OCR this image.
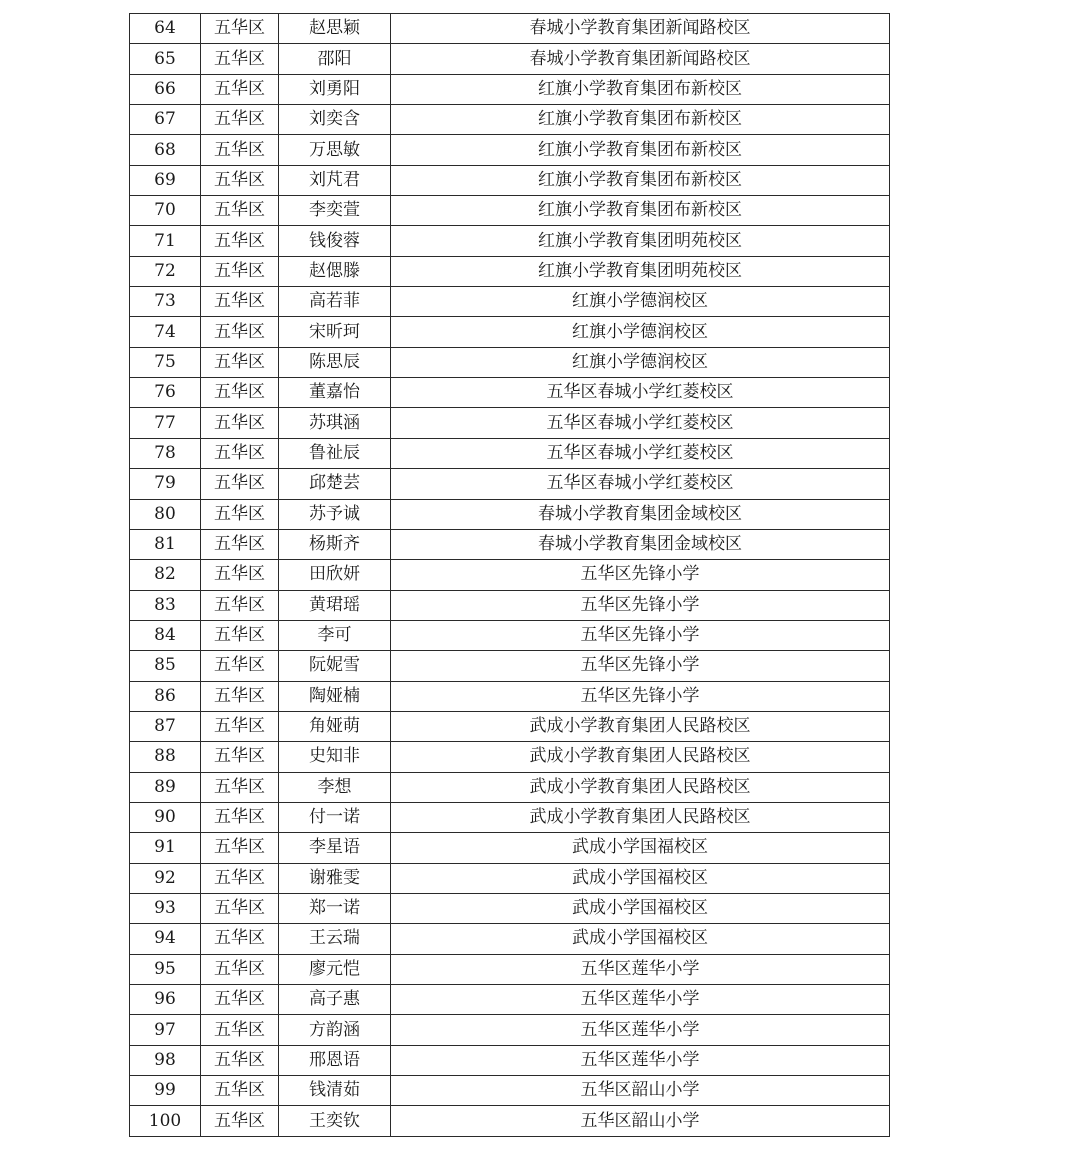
64	五华区	赵思颖	春城小学教育集团新闻路校区
65	五华区	邵阳	春城小学教育集团新闻路校区
66	五华区	刘勇阳	红旗小学教育集团布新校区
67	五华区	刘奕含	红旗小学教育集团布新校区
68	五华区	万思敏	红旗小学教育集团布新校区
69	五华区	刘芃君	红旗小学教育集团布新校区
70	五华区	李奕萱	红旗小学教育集团布新校区
71	五华区	钱俊蓉	红旗小学教育集团明苑校区
72	五华区	赵偲滕	红旗小学教育集团明苑校区
73	五华区	高若菲	红旗小学德润校区
74	五华区	宋昕珂	红旗小学德润校区
75	五华区	陈思辰	红旗小学德润校区
76	五华区	董嘉怡	五华区春城小学红菱校区
77	五华区	苏琪涵	五华区春城小学红菱校区
78	五华区	鲁祉辰	五华区春城小学红菱校区
79	五华区	邱楚芸	五华区春城小学红菱校区
80	五华区	苏予诚	春城小学教育集团金域校区
81	五华区	杨斯齐	春城小学教育集团金域校区
82	五华区	田欣妍	五华区先锋小学
83	五华区	黄珺瑶	五华区先锋小学
84	五华区	李可	五华区先锋小学
85	五华区	阮妮雪	五华区先锋小学
86	五华区	陶娅楠	五华区先锋小学
87	五华区	角娅萌	武成小学教育集团人民路校区
88	五华区	史知非	武成小学教育集团人民路校区
89	五华区	李想	武成小学教育集团人民路校区
90	五华区	付一诺	武成小学教育集团人民路校区
91	五华区	李星语	武成小学国福校区
92	五华区	谢雅雯	武成小学国福校区
93	五华区	郑一诺	武成小学国福校区
94	五华区	王云瑞	武成小学国福校区
95	五华区	廖元恺	五华区莲华小学
96	五华区	高子惠	五华区莲华小学
97	五华区	方韵涵	五华区莲华小学
98	五华区	邢恩语	五华区莲华小学
99	五华区	钱清茹	五华区韶山小学
100	五华区	王奕钦	五华区韶山小学
